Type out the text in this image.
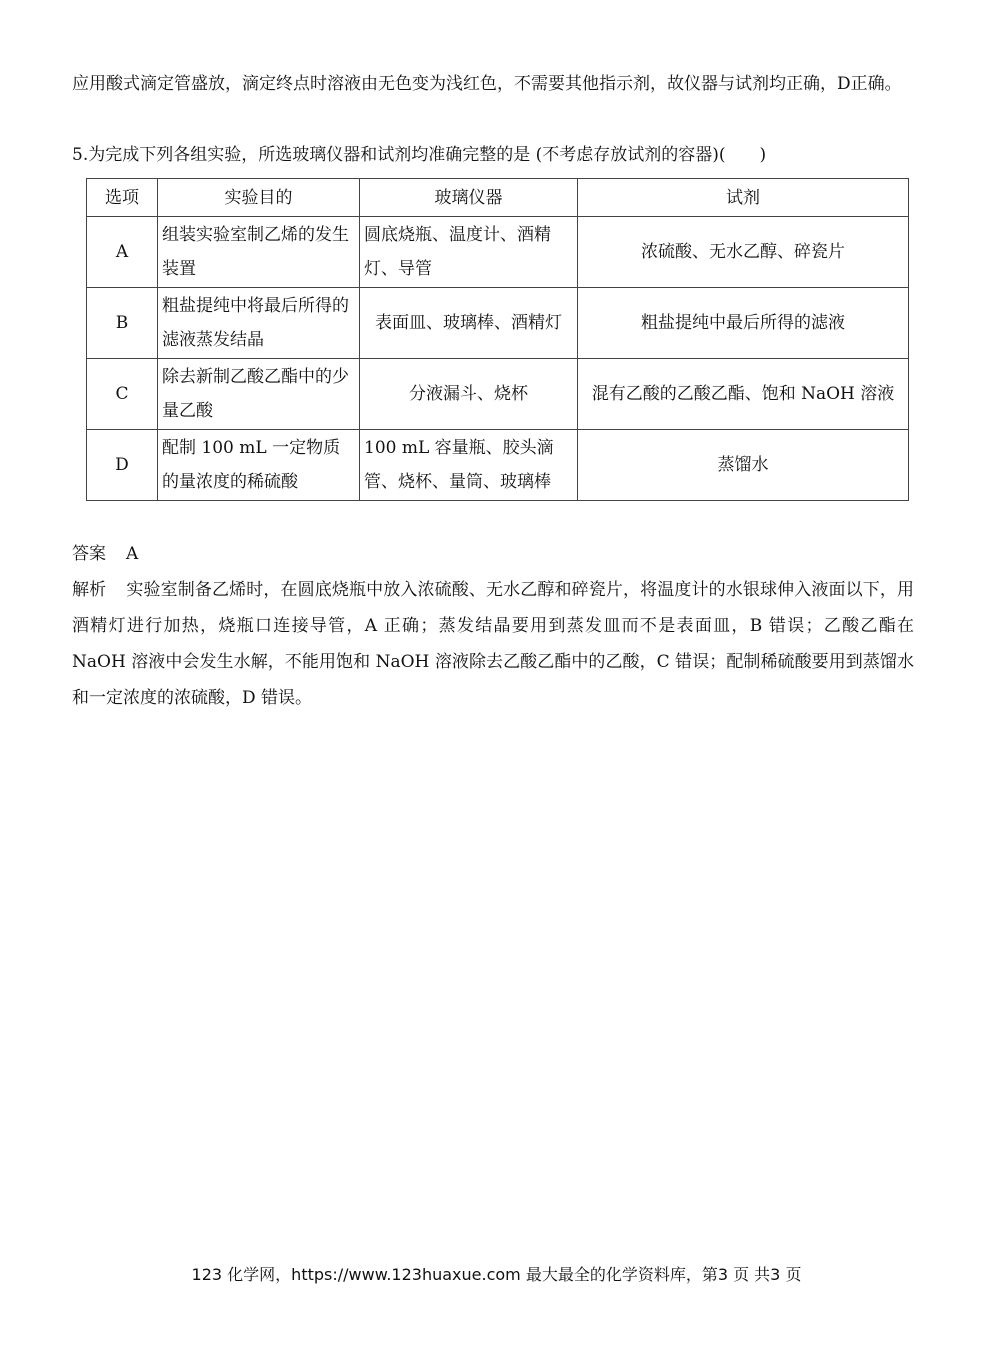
应用酸式滴定管盛放，滴定终点时溶液由无色变为浅红色，不需要其他指示剂，故仪器与试剂均正确，D正确。
5.为完成下列各组实验，所选玻璃仪器和试剂均准确完整的是 (不考虑存放试剂的容器)(　　)
选项	实验目的	玻璃仪器	试剂
A	组装实验室制乙烯的发生装置	圆底烧瓶、温度计、酒精灯、导管	浓硫酸、无水乙醇、碎瓷片
B	粗盐提纯中将最后所得的滤液蒸发结晶	表面皿、玻璃棒、酒精灯	粗盐提纯中最后所得的滤液
C	除去新制乙酸乙酯中的少量乙酸	分液漏斗、烧杯	混有乙酸的乙酸乙酯、饱和 NaOH 溶液
D	配制 100 mL 一定物质的量浓度的稀硫酸	100 mL 容量瓶、胶头滴管、烧杯、量筒、玻璃棒	蒸馏水
答案 A
解析 实验室制备乙烯时，在圆底烧瓶中放入浓硫酸、无水乙醇和碎瓷片，将温度计的水银球伸入液面以下，用酒精灯进行加热，烧瓶口连接导管，A 正确；蒸发结晶要用到蒸发皿而不是表面皿，B 错误；乙酸乙酯在 NaOH 溶液中会发生水解，不能用饱和 NaOH 溶液除去乙酸乙酯中的乙酸，C 错误；配制稀硫酸要用到蒸馏水和一定浓度的浓硫酸，D 错误。
123 化学网，https://www.123huaxue.com 最大最全的化学资料库，第3 页 共3 页
